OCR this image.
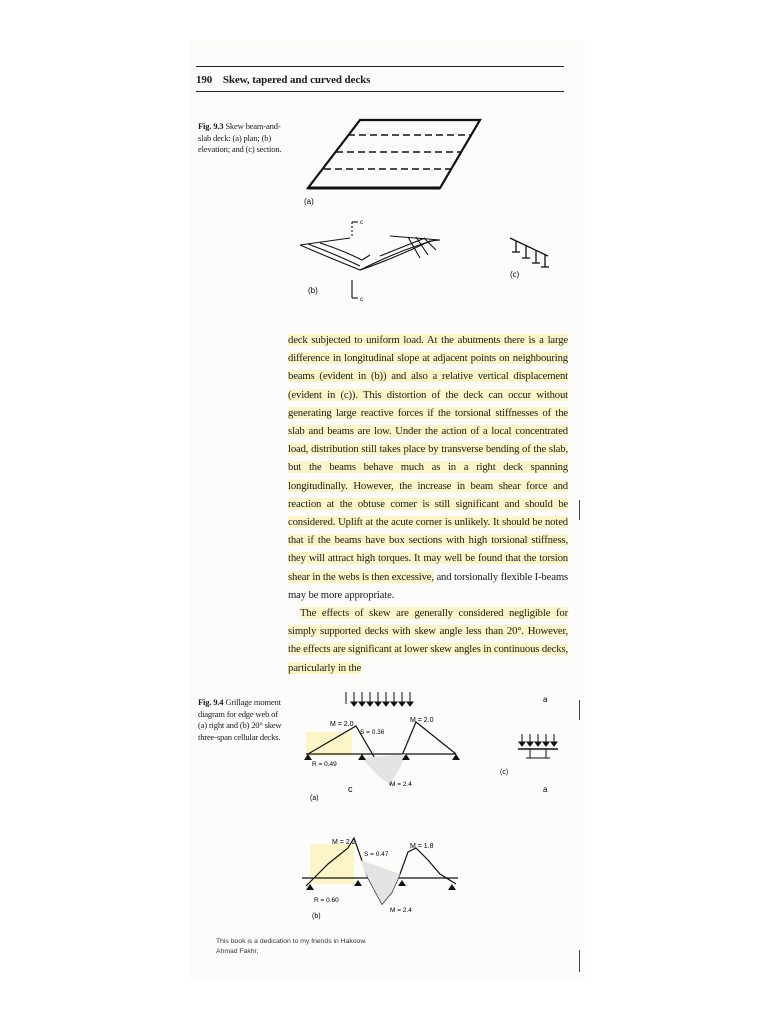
190 Skew, tapered and curved decks
Fig. 9.3 Skew beam-and-slab deck: (a) plan; (b) elevation; and (c) section.
(a)
c
c
(b)
(c)
deck subjected to uniform load. At the abutments there is a large difference in longitudinal slope at adjacent points on neighbouring beams (evident in (b)) and also a relative vertical displacement (evident in (c)). This distortion of the deck can occur without generating large reactive forces if the torsional stiffnesses of the slab and beams are low. Under the action of a local concentrated load, distribution still takes place by transverse bending of the slab, but the beams behave much as in a right deck spanning longitudinally. However, the increase in beam shear force and reaction at the obtuse corner is still significant and should be considered. Uplift at the acute corner is unlikely. It should be noted that if the beams have box sections with high torsional stiffness, they will attract high torques. It may well be found that the torsion shear in the webs is then excessive, and torsionally flexible I-beams may be more appropriate.
The effects of skew are generally considered negligible for simply supported decks with skew angle less than 20°. However, the effects are significant at lower skew angles in continuous decks, particularly in the
Fig. 9.4 Grillage moment diagram for edge web of (a) right and (b) 20° skew three-span cellular decks.
M = 2.0
M = 2.0
S = 0.36
R = 0.49
M = 2.4
(a)
c
(c)
a
a
M = 2.2
M = 1.8
S = 0.47
R = 0.60
M = 2.4
(b)
This book is a dedication to my friends in Hakoow.
Ahmad Fakhr,
